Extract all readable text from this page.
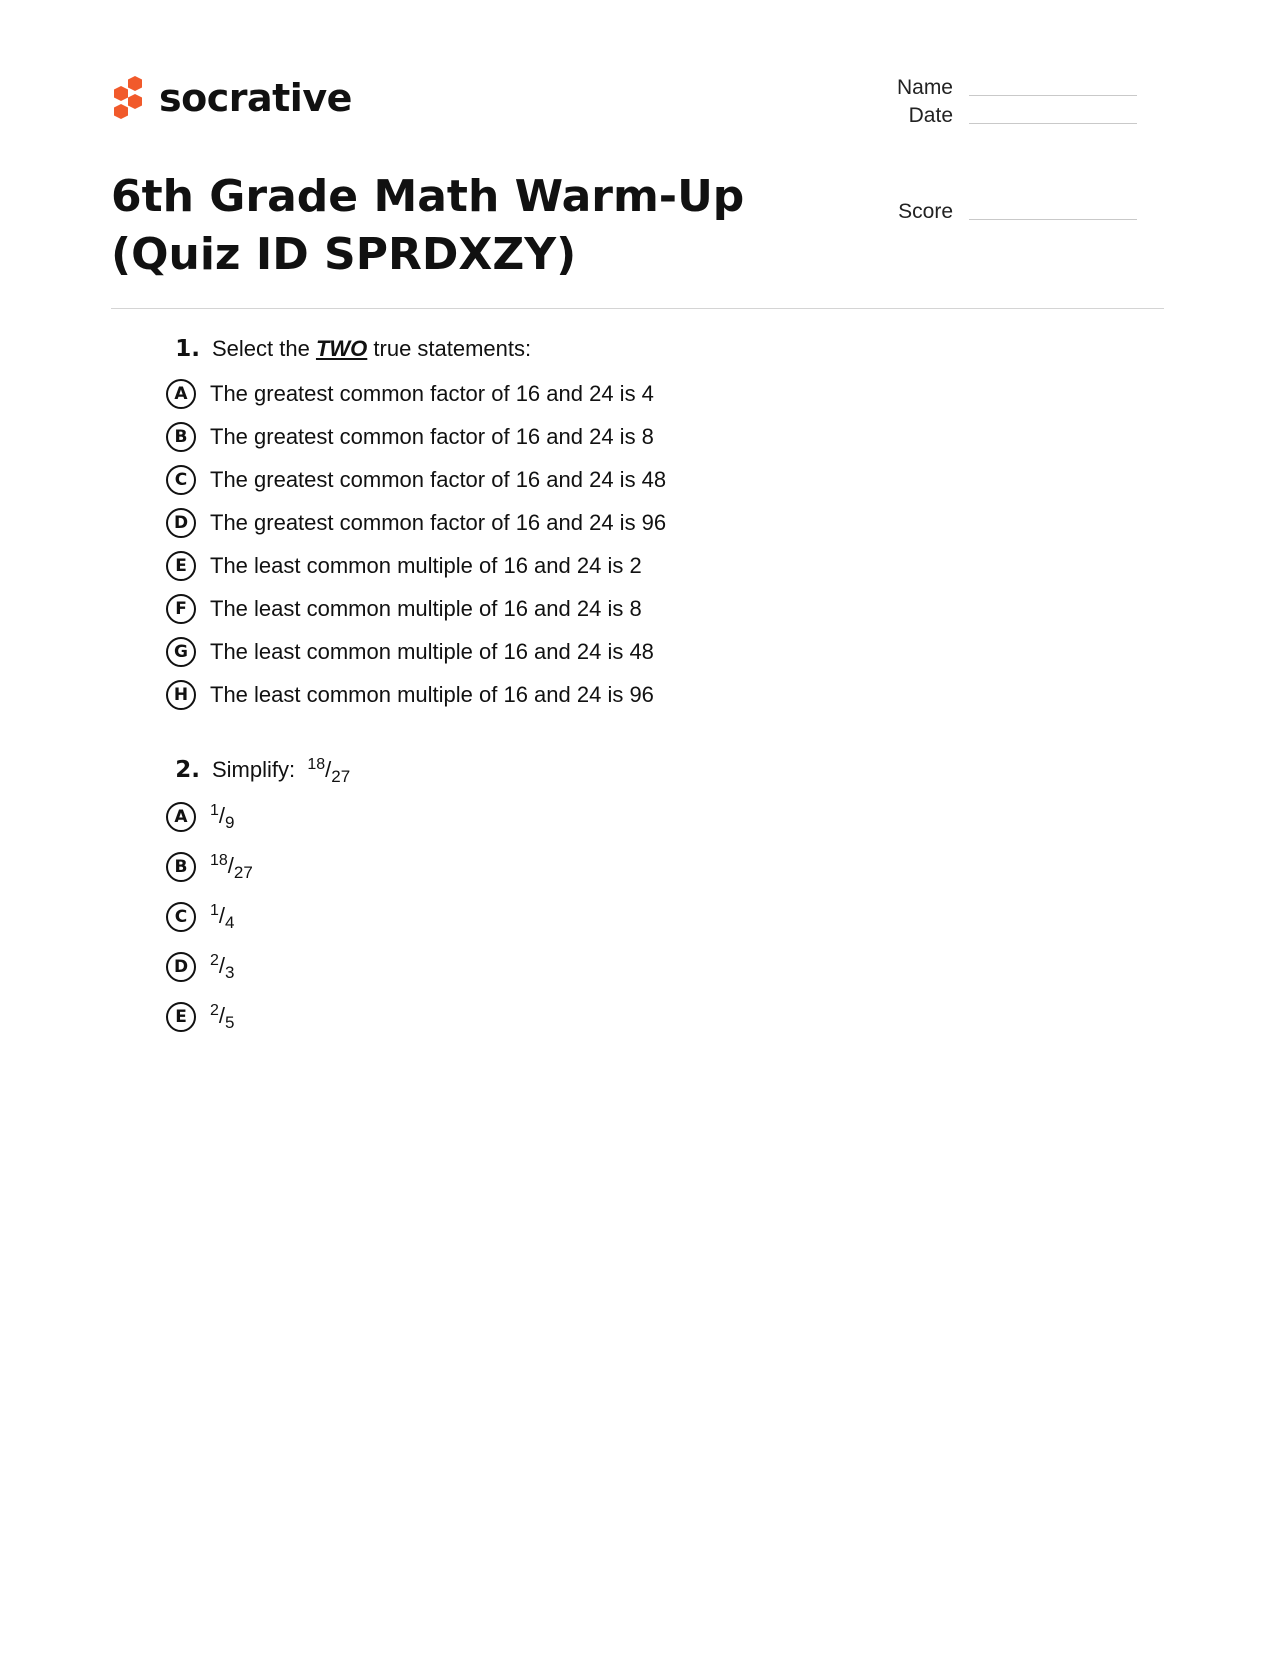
socrative	Name
Date
Score
6th Grade Math Warm-Up (Quiz ID SPRDXZY)
1. Select the TWO true statements:
A	The greatest common factor of 16 and 24 is 4
B	The greatest common factor of 16 and 24 is 8
C	The greatest common factor of 16 and 24 is 48
D The greatest common factor of 16 and 24 is 96
E	The least common multiple of 16 and 24 is 2
F	The least common multiple of 16 and 24 is 8
G	The least common multiple of 16 and 24 is 48
H The least common multiple of 16 and 24 is 96
2. Simplify: $^{18}/_{27}$
A	$^1/_9$
B	$^{18}/_{27}$
C	$^1/_4$
D	$^2/_3$
E	$^2/_5$
